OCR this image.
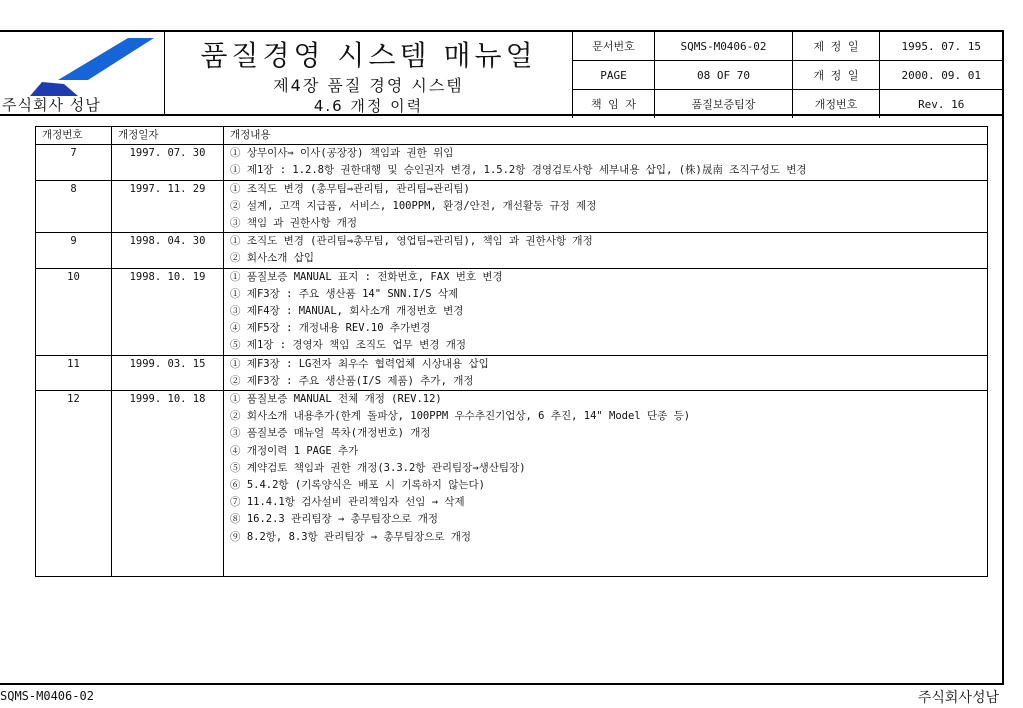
주식회사 성남
품질경영 시스템 매뉴얼
제4장 품질 경영 시스템
4.6 개정 이력
문서번호	SQMS-M0406-02	제 정 일	1995. 07. 15
PAGE	08 OF 70	개 정 일	2000. 09. 01
책 임 자	품질보증팀장	개정번호	Rev. 16
개정번호	개정일자	개정내용
7	1997. 07. 30	① 상무이사⇒ 이사(공장장) 책임과 권한 위임
		① 제1장 : 1.2.8항 권한대행 및 승인권자 변경, 1.5.2항 경영검토사항 세부내용 삽입, (株)晟南 조직구성도 변경
8	1997. 11. 29	① 조직도 변경 (총무팀⇒관리팀, 관리팀⇒관리팀)
		② 설계, 고객 지급품, 서비스, 100PPM, 환경/안전, 개선활동 규정 제정
		③ 책임 과 권한사항 개정
9	1998. 04. 30	① 조직도 변경 (관리팀⇒총무팀, 영업팀⇒관리팀), 책임 과 권한사항 개정
		② 회사소개 삽입
10	1998. 10. 19	① 품질보증 MANUAL 표지 : 전화번호, FAX 번호 변경
		① 제F3장 : 주요 생산품 14" SNN.I/S 삭제
		③ 제F4장 : MANUAL, 회사소개 개정번호 변경
		④ 제F5장 : 개정내용 REV.10 추가변경
		⑤ 제1장 : 경영자 책임 조직도 업무 변경 개정
11	1999. 03. 15	① 제F3장 : LG전자 최우수 협력업체 시상내용 삽입
		② 제F3장 : 주요 생산품(I/S 제품) 추가, 개정
12	1999. 10. 18	① 품질보증 MANUAL 전체 개정 (REV.12)
		② 회사소개 내용추가(한계 돌파상, 100PPM 우수추진기업상, 6 추진, 14" Model 단종 등)
		③ 품질보증 매뉴얼 목차(개정번호) 개정
		④ 개정이력 1 PAGE 추가
		⑤ 계약검토 책임과 권한 개정(3.3.2항 관리팀장→생산팀장)
		⑥ 5.4.2항 (기록양식은 배포 시 기록하지 않는다)
		⑦ 11.4.1항 검사설비 관리책임자 선임 → 삭제
		⑧ 16.2.3 관리팀장 → 총무팀장으로 개정
		⑨ 8.2항, 8.3항 관리팀장 → 총무팀장으로 개정

SQMS-M0406-02	주식회사성남
